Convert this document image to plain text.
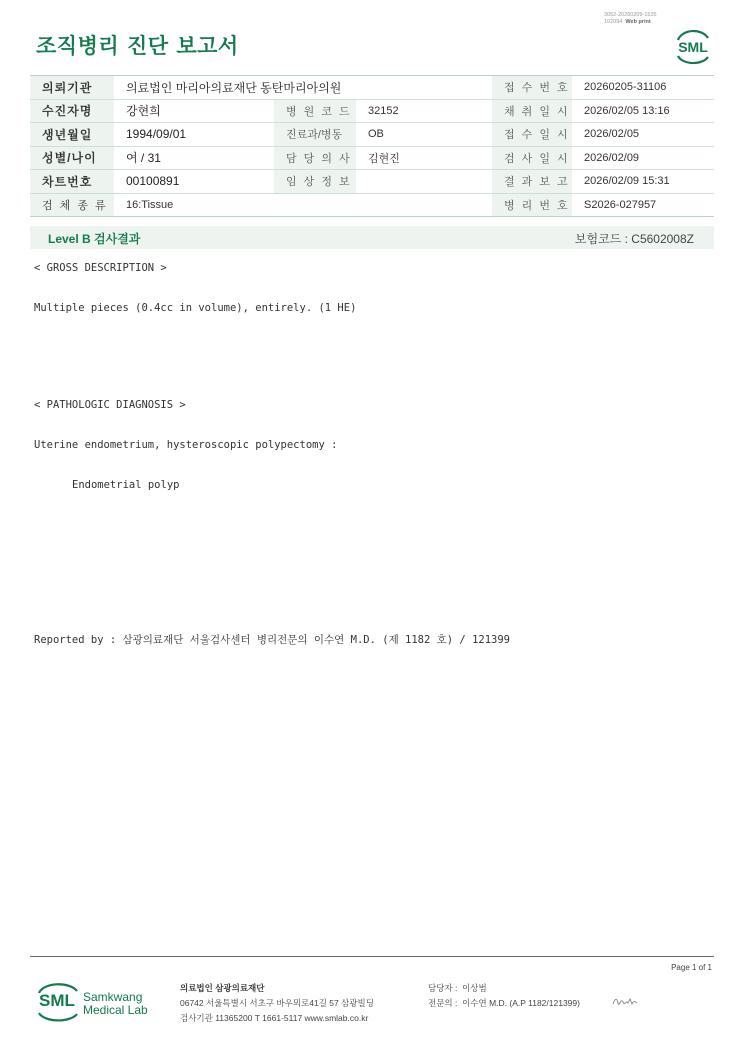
조직병리 진단 보고서
3052-20260209-1535
102094 Web print
SML
의뢰기관	의료법인 마리아의료재단 동탄마리아의원			접 수 번 호	20260205-31106
수진자명	강현희	병 원 코 드	32152	채 취 일 시	2026/02/05 13:16
생년월일	1994/09/01	진료과/병동	OB	접 수 일 시	2026/02/05
성별/나이	여 / 31	담 당 의 사	김현진	검 사 일 시	2026/02/09
차트번호	00100891	임 상 정 보		결 과 보 고	2026/02/09 15:31
검 체 종 류	16:Tissue			병 리 번 호	S2026-027957
Level B 검사결과	보험코드 : C5602008Z
< GROSS DESCRIPTION >
Multiple pieces (0.4cc in volume), entirely. (1 HE)
< PATHOLOGIC DIAGNOSIS >
Uterine endometrium, hysteroscopic polypectomy :
Endometrial polyp
Reported by : 삼광의료재단 서울검사센터 병리전문의 이수연 M.D. (제 1182 호) / 121399
Page 1 of 1
SML Samkwang
Medical Lab
의료법인 삼광의료재단
06742 서울특별시 서초구 바우뫼로41길 57 삼광빌딩
검사기관 11365200 T 1661-5117 www.smlab.co.kr
담당자 : 이상범
전문의 : 이수연 M.D. (A.P 1182/121399)
